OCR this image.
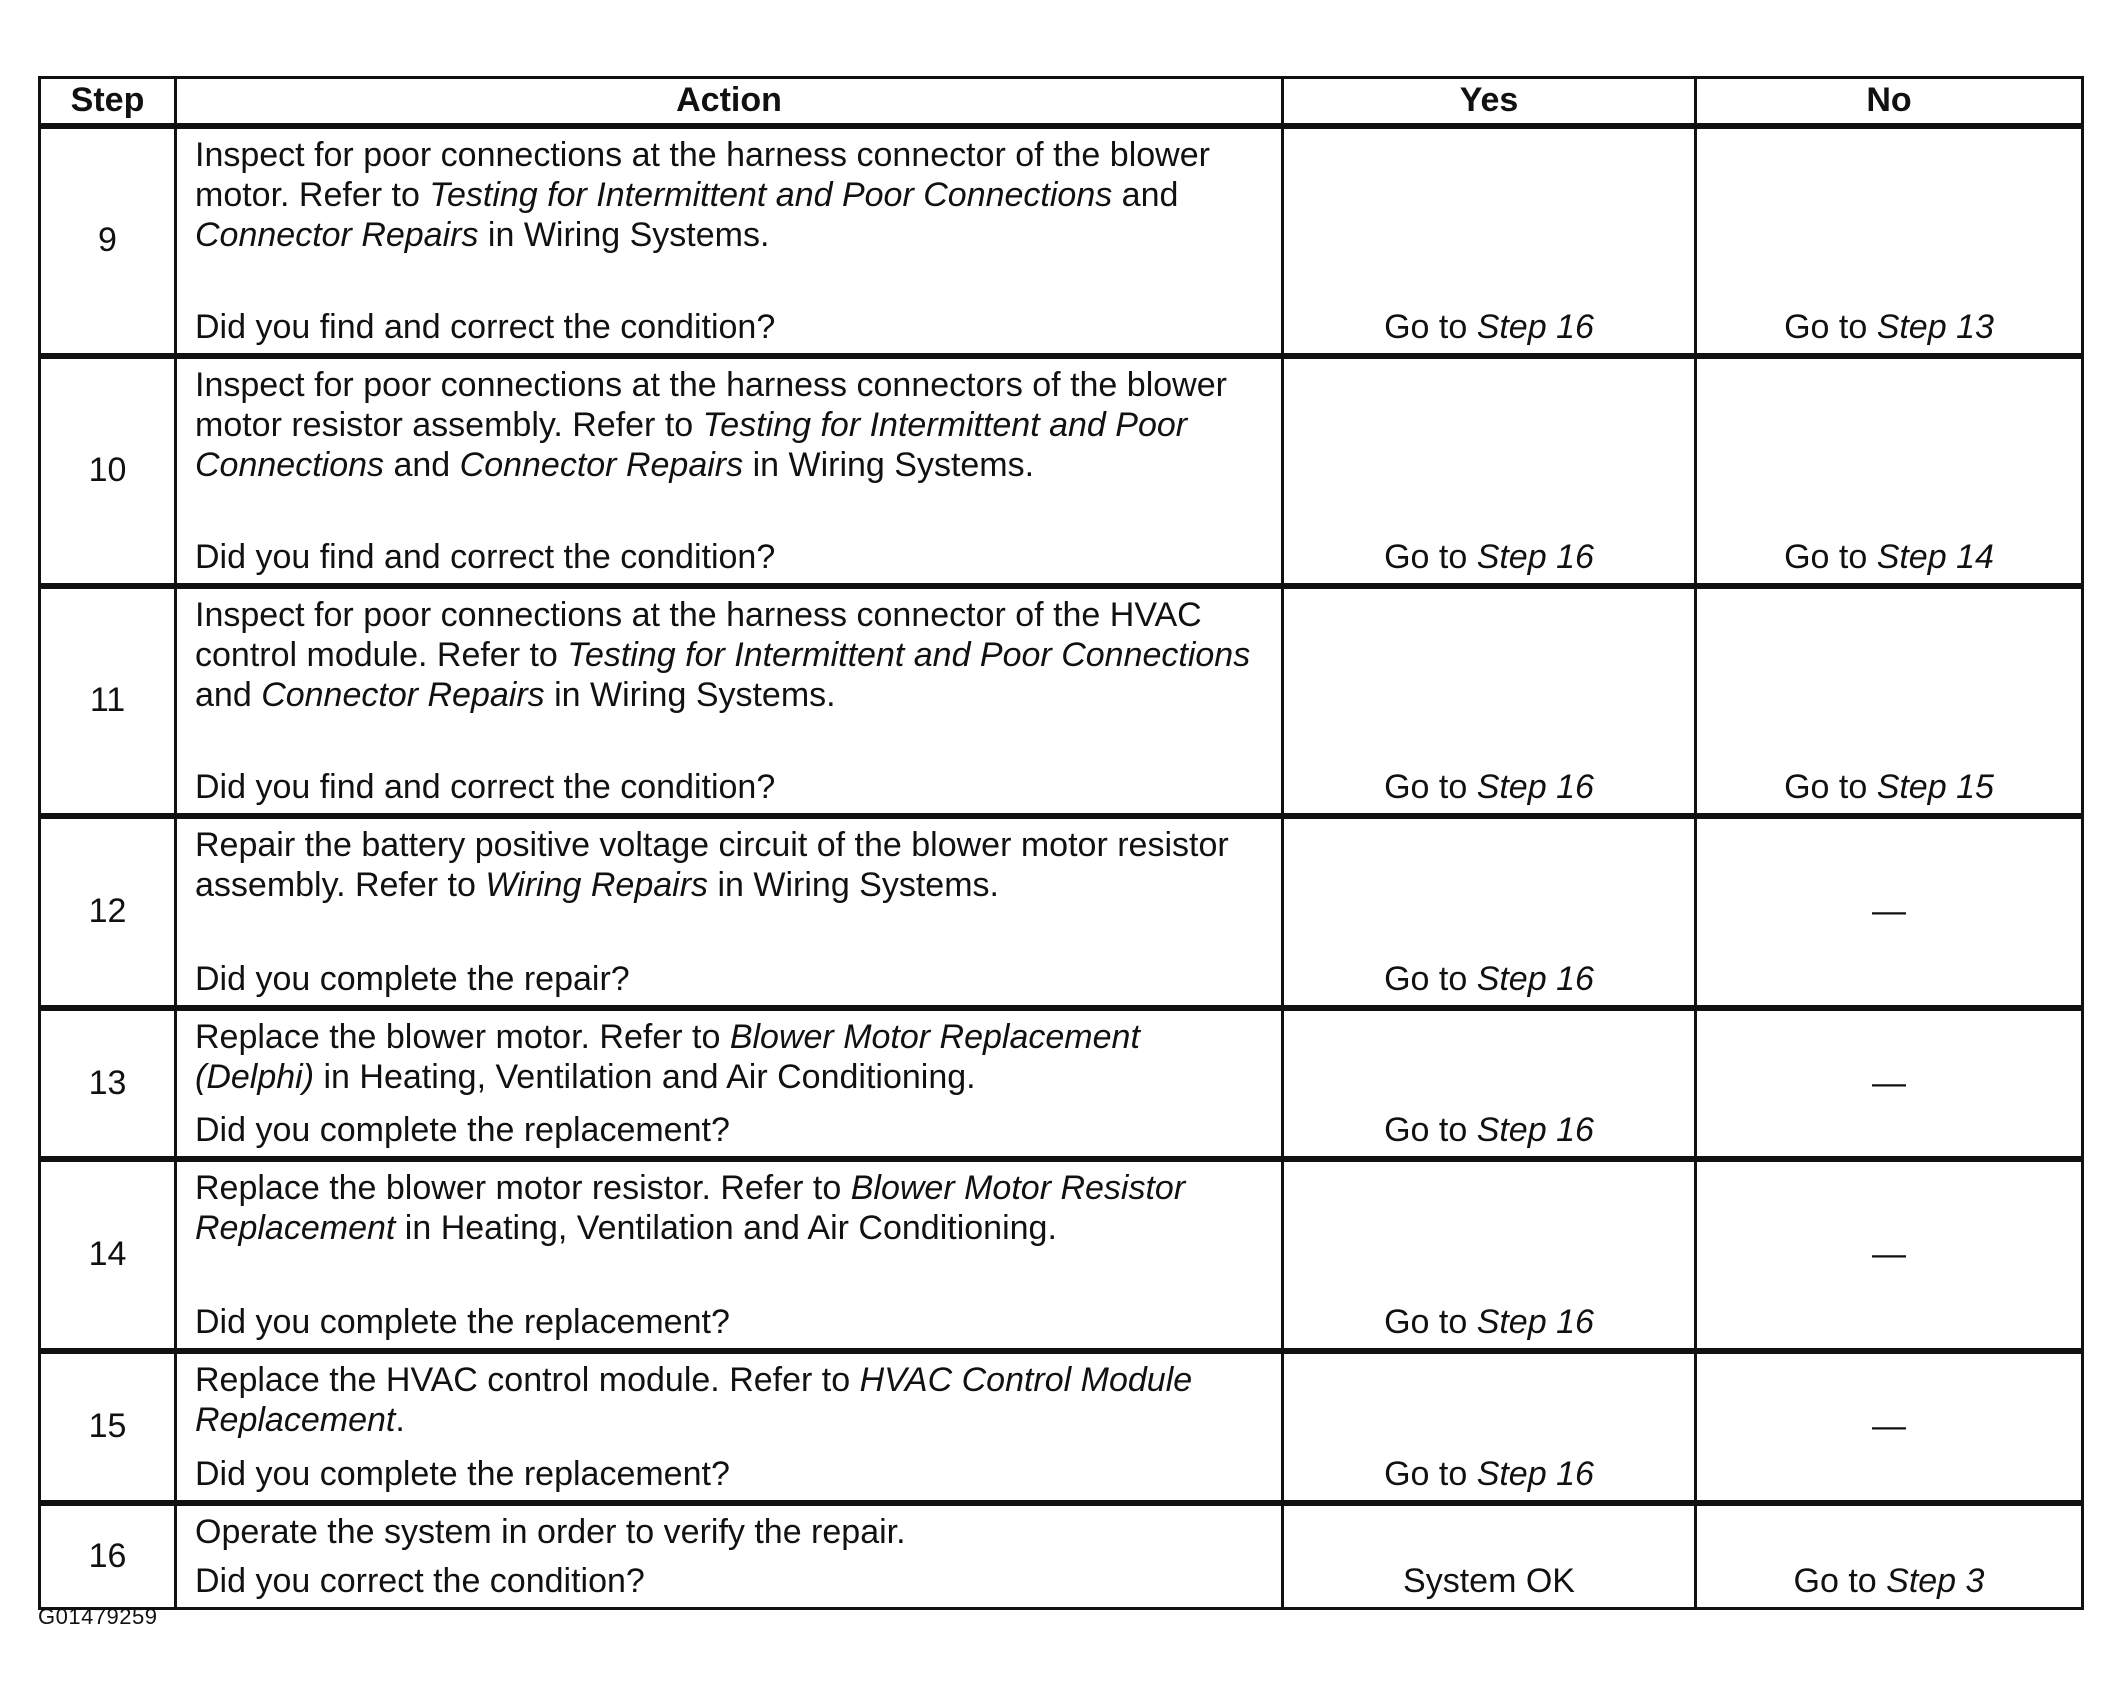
Step	Action	Yes	No
9	Inspect for poor connections at the harness connector of the blower motor. Refer to Testing for Intermittent and Poor Connections and Connector Repairs in Wiring Systems.

Did you find and correct the condition?	Go to Step 16	Go to Step 13
10	Inspect for poor connections at the harness connectors of the blower motor resistor assembly. Refer to Testing for Intermittent and Poor Connections and Connector Repairs in Wiring Systems.

Did you find and correct the condition?	Go to Step 16	Go to Step 14
11	Inspect for poor connections at the harness connector of the HVAC control module. Refer to Testing for Intermittent and Poor Connections and Connector Repairs in Wiring Systems.

Did you find and correct the condition?	Go to Step 16	Go to Step 15
12	Repair the battery positive voltage circuit of the blower motor resistor assembly. Refer to Wiring Repairs in Wiring Systems.

Did you complete the repair?	Go to Step 16	—
13	Replace the blower motor. Refer to Blower Motor Replacement (Delphi) in Heating, Ventilation and Air Conditioning.

Did you complete the replacement?	Go to Step 16	—
14	Replace the blower motor resistor. Refer to Blower Motor Resistor Replacement in Heating, Ventilation and Air Conditioning.

Did you complete the replacement?	Go to Step 16	—
15	Replace the HVAC control module. Refer to HVAC Control Module Replacement.

Did you complete the replacement?	Go to Step 16	—
16	Operate the system in order to verify the repair.

Did you correct the condition?	System OK	Go to Step 3
G01479259
